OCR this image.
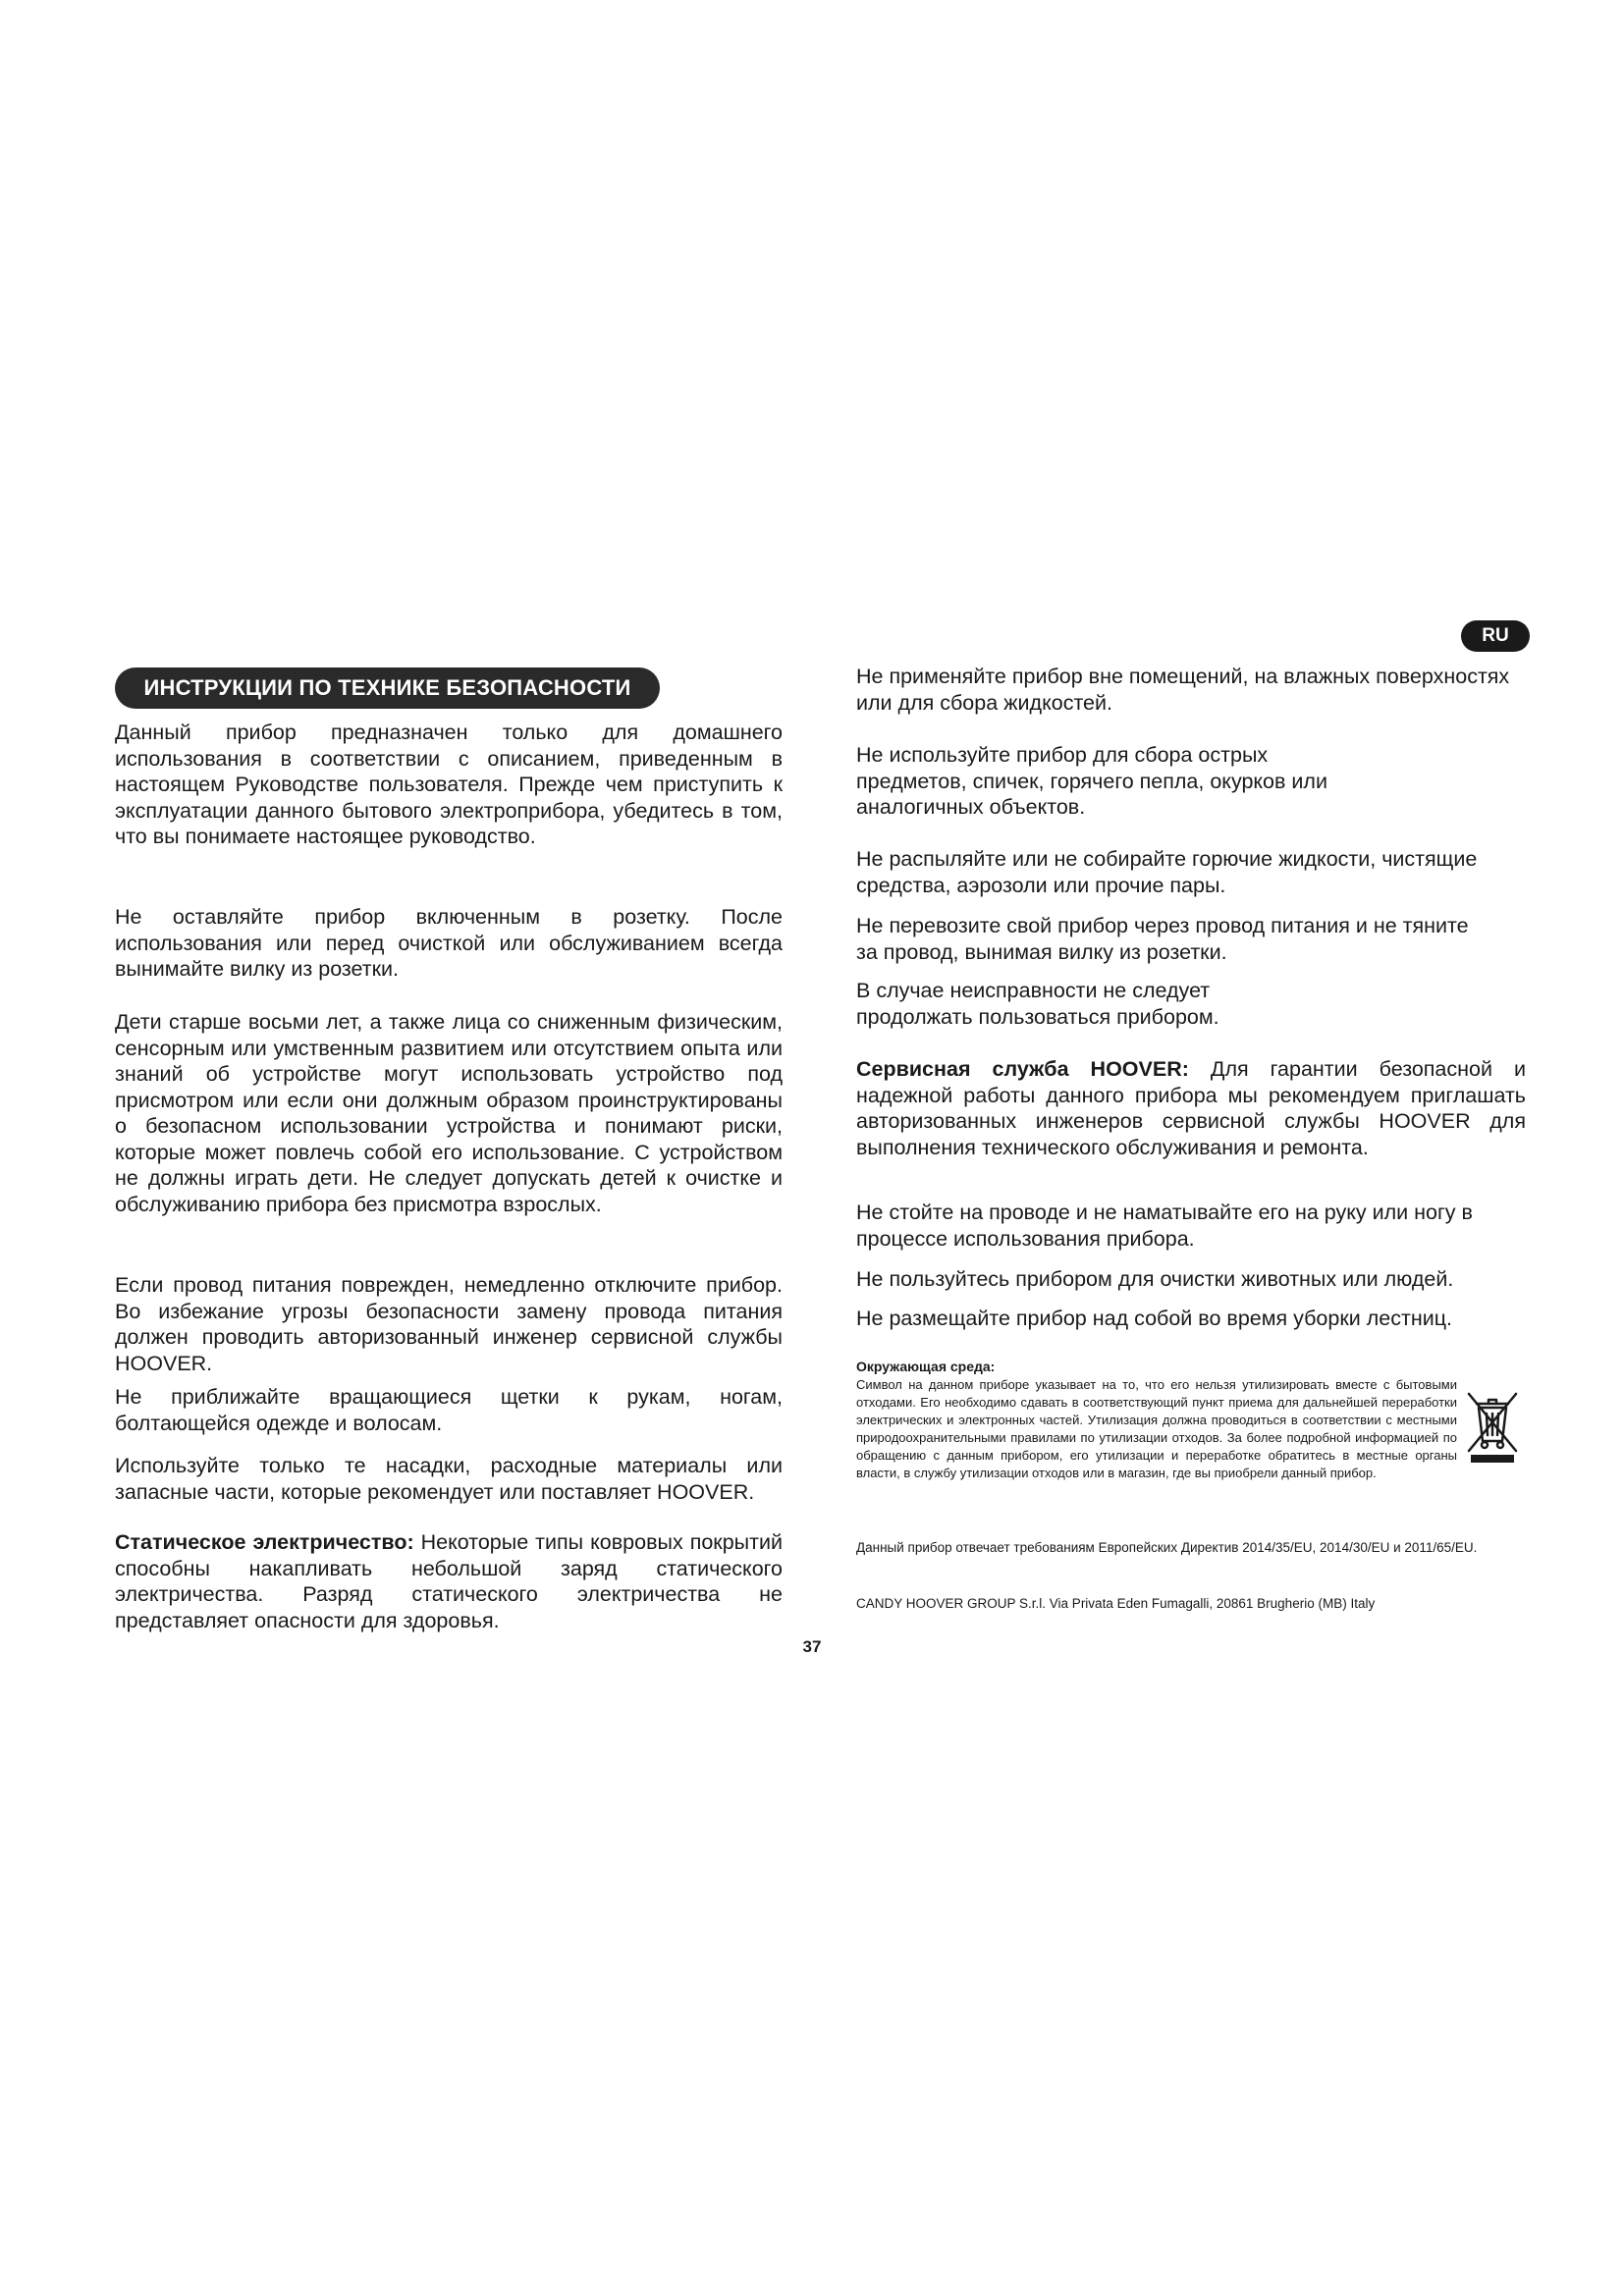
RU
ИНСТРУКЦИИ ПО ТЕХНИКЕ БЕЗОПАСНОСТИ

Данный прибор предназначен только для домашнего использования в соответствии с описанием, приведенным в настоящем Руководстве пользователя. Прежде чем приступить к эксплуатации данного бытового электроприбора, убедитесь в том, что вы понимаете настоящее руководство.

Не оставляйте прибор включенным в розетку. После использования или перед очисткой или обслуживанием всегда вынимайте вилку из розетки.

Дети старше восьми лет, а также лица со сниженным физическим, сенсорным или умственным развитием или отсутствием опыта или знаний об устройстве могут использовать устройство под присмотром или если они должным образом проинструктированы о безопасном использовании устройства и понимают риски, которые может повлечь собой его использование. С устройством не должны играть дети. Не следует допускать детей к очистке и обслуживанию прибора без присмотра взрослых.

Если провод питания поврежден, немедленно отключите прибор. Во избежание угрозы безопасности замену провода питания должен проводить авторизованный инженер сервисной службы HOOVER.

Не приближайте вращающиеся щетки к рукам, ногам, болтающейся одежде и волосам.

Используйте только те насадки, расходные материалы или запасные части, которые рекомендует или поставляет HOOVER.

Статическое электричество: Некоторые типы ковровых покрытий способны накапливать небольшой заряд статического электричества. Разряд статического электричества не представляет опасности для здоровья.

Не применяйте прибор вне помещений, на влажных поверхностях или для сбора жидкостей.

Не используйте прибор для сбора острых предметов, спичек, горячего пепла, окурков или аналогичных объектов.

Не распыляйте или не собирайте горючие жидкости, чистящие средства, аэрозоли или прочие пары.

Не перевозите свой прибор через провод питания и не тяните за провод, вынимая вилку из розетки.

В случае неисправности не следует продолжать пользоваться прибором.

Сервисная служба HOOVER: Для гарантии безопасной и надежной работы данного прибора мы рекомендуем приглашать авторизованных инженеров сервисной службы HOOVER для выполнения технического обслуживания и ремонта.

Не стойте на проводе и не наматывайте его на руку или ногу в процессе использования прибора.

Не пользуйтесь прибором для очистки животных или людей.

Не размещайте прибор над собой во время уборки лестниц.

Окружающая среда:

Символ на данном приборе указывает на то, что его нельзя утилизировать вместе с бытовыми отходами. Его необходимо сдавать в соответствующий пункт приема для дальнейшей переработки электрических и электронных частей. Утилизация должна проводиться в соответствии с местными природоохранительными правилами по утилизации отходов. За более подробной информацией по обращению с данным прибором, его утилизации и переработке обратитесь в местные органы власти, в службу утилизации отходов или в магазин, где вы приобрели данный прибор.

Данный прибор отвечает требованиям Европейских Директив 2014/35/EU, 2014/30/EU и 2011/65/EU.

CANDY HOOVER GROUP S.r.l. Via Privata Eden Fumagalli, 20861 Brugherio (MB) Italy

37
